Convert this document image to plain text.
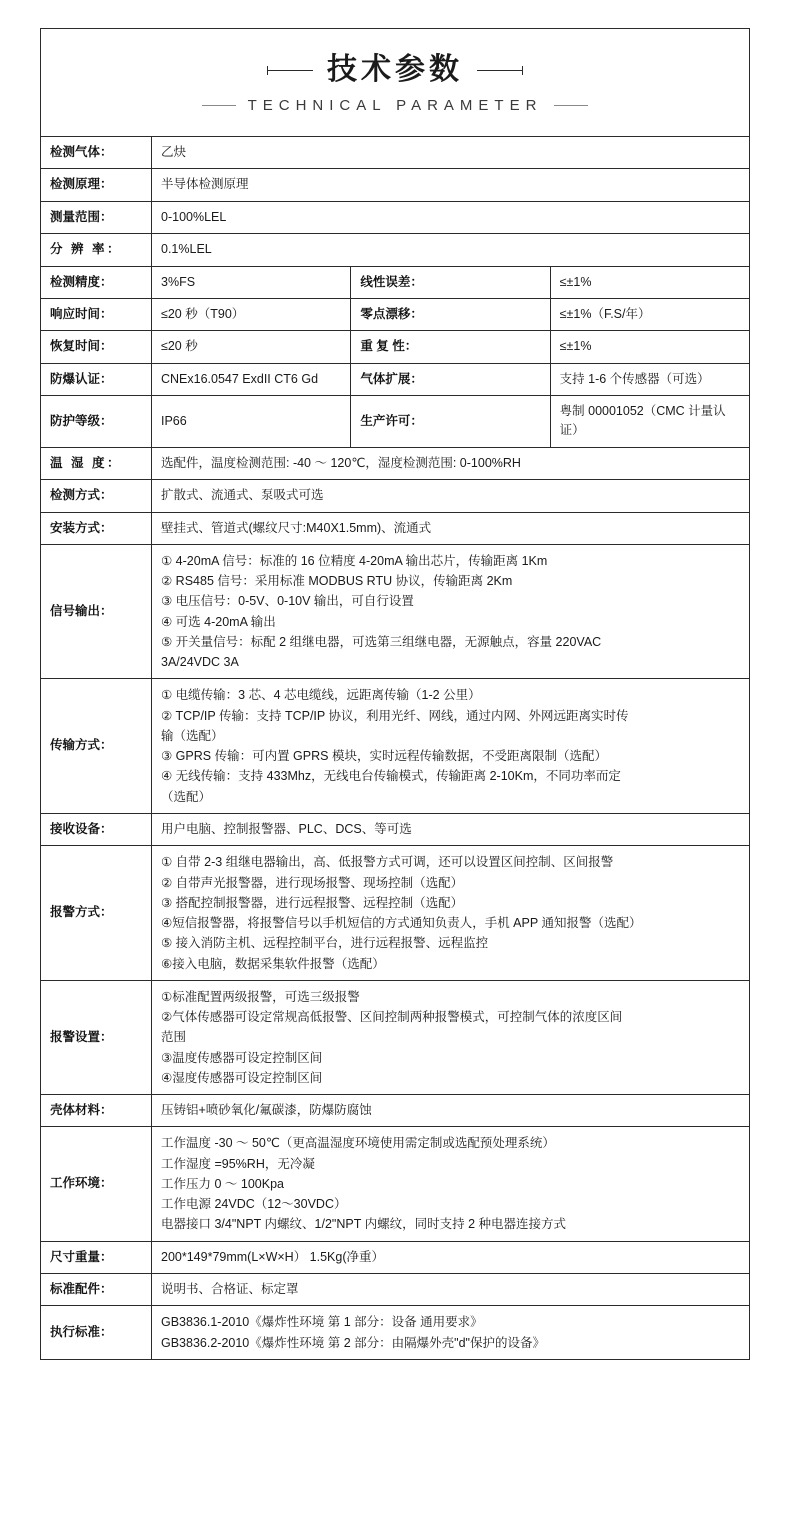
技术参数
TECHNICAL PARAMETER
检测气体：	乙炔		
检测原理：	半导体检测原理		
测量范围：	0-100%LEL		
分 辨 率：	0.1%LEL		
检测精度：	3%FS	线性误差：	≤±1%
响应时间：	≤20 秒（T90）	零点漂移：	≤±1%（F.S/年）
恢复时间：	≤20 秒	重 复 性：	≤±1%
防爆认证：	CNEx16.0547 ExdII CT6 Gd	气体扩展：	支持 1-6 个传感器（可选）
防护等级：	IP66	生产许可：	粤制 00001052（CMC 计量认证）
温 湿 度：	选配件，温度检测范围: -40 ～ 120℃，湿度检测范围: 0-100%RH		
检测方式：	扩散式、流通式、泵吸式可选		
安装方式：	壁挂式、管道式(螺纹尺寸:M40X1.5mm)、流通式		
信号输出：	

① 4-20mA 信号：标准的 16 位精度 4-20mA 输出芯片，传输距离 1Km

② RS485 信号：采用标准 MODBUS RTU 协议，传输距离 2Km

③ 电压信号：0-5V、0-10V 输出，可自行设置

④ 可选 4-20mA 输出

⑤ 开关量信号：标配 2 组继电器，可选第三组继电器，无源触点，容量 220VAC

3A/24VDC 3A

传输方式：	

① 电缆传输：3 芯、4 芯电缆线，远距离传输（1-2 公里）

② TCP/IP 传输：支持 TCP/IP 协议，利用光纤、网线，通过内网、外网远距离实时传

输（选配）

③ GPRS 传输：可内置 GPRS 模块，实时远程传输数据，不受距离限制（选配）

④ 无线传输：支持 433Mhz，无线电台传输模式，传输距离 2-10Km，不同功率而定

（选配）

接收设备：	用户电脑、控制报警器、PLC、DCS、等可选		
报警方式：	

① 自带 2-3 组继电器输出，高、低报警方式可调，还可以设置区间控制、区间报警

② 自带声光报警器，进行现场报警、现场控制（选配）

③ 搭配控制报警器，进行远程报警、远程控制（选配）

④短信报警器，将报警信号以手机短信的方式通知负责人，手机 APP 通知报警（选配）

⑤ 接入消防主机、远程控制平台，进行远程报警、远程监控

⑥接入电脑，数据采集软件报警（选配）

报警设置：	①标准配置两级报警，可选三级报警

②气体传感器可设定常规高低报警、区间控制两种报警模式，可控制气体的浓度区间

范围

③温度传感器可设定控制区间

④湿度传感器可设定控制区间		

壳体材料：	压铸铝+喷砂氧化/氟碳漆，防爆防腐蚀		
工作环境：	工作温度 -30 ～ 50℃（更高温湿度环境使用需定制或选配预处理系统）

工作湿度 =95%RH，无冷凝

工作压力 0 ～ 100Kpa

工作电源 24VDC（12～30VDC）

电器接口 3/4"NPT 内螺纹、1/2"NPT 内螺纹，同时支持 2 种电器连接方式		

尺寸重量：	200*149*79mm(L×W×H） 1.5Kg(净重）		
标准配件：	说明书、合格证、标定罩		
执行标准：	GB3836.1-2010《爆炸性环境 第 1 部分：设备 通用要求》

GB3836.2-2010《爆炸性环境 第 2 部分：由隔爆外壳"d"保护的设备》		
